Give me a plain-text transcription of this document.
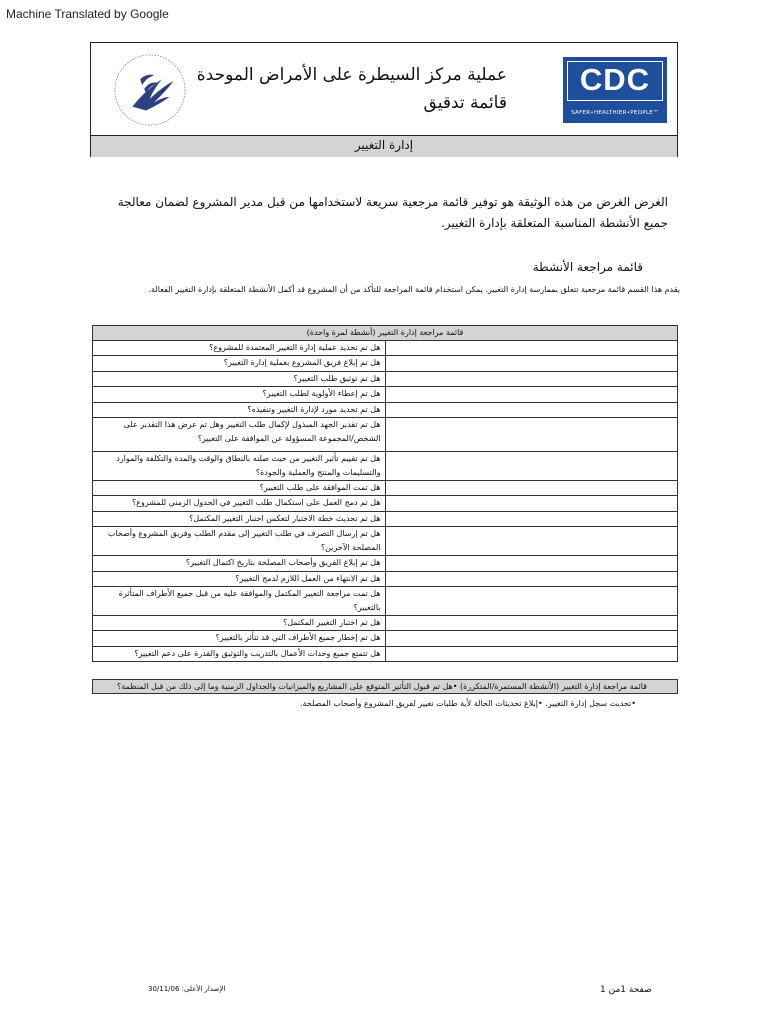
Machine Translated by Google
عملية مركز السيطرة على الأمراض الموحدة
قائمة تدقيق
CDC
SAFER•HEALTHIER•PEOPLE™
إدارة التغيير
الغرض الغرض من هذه الوثيقة هو توفير قائمة مرجعية سريعة لاستخدامها من قبل مدير المشروع لضمان معالجة جميع الأنشطة المناسبة المتعلقة بإدارة التغيير.
قائمة مراجعة الأنشطة
يقدم هذا القسم قائمة مرجعية تتعلق بممارسة إدارة التغيير. يمكن استخدام قائمة المراجعة للتأكد من أن المشروع قد أكمل الأنشطة المتعلقة بإدارة التغيير الفعالة.
قائمة مراجعة إدارة التغيير (أنشطة لمرة واحدة)	
هل تم تحديد عملية إدارة التغيير المعتمدة للمشروع؟	
هل تم إبلاغ فريق المشروع بعملية إدارة التغيير؟	
هل تم توثيق طلب التغيير؟	
هل تم إعطاء الأولوية لطلب التغيير؟	
هل تم تحديد مورد لإدارة التغيير وتنفيذه؟	
هل تم تقدير الجهد المبذول لإكمال طلب التغيير وهل تم عرض هذا التقدير على الشخص/المجموعة المسؤولة عن الموافقة على التغيير؟	
هل تم تقييم تأثير التغيير من حيث صلته بالنطاق والوقت والمدة والتكلفة والموارد والتسليمات والمنتج والعملية والجودة؟	
هل تمت الموافقة على طلب التغيير؟	
هل تم دمج العمل على استكمال طلب التغيير في الجدول الزمني للمشروع؟	
هل تم تحديث خطة الاختبار لتعكس اختبار التغيير المكتمل؟	
هل تم إرسال التصرف في طلب التغيير إلى مقدم الطلب وفريق المشروع وأصحاب المصلحة الآخرين؟	
هل تم إبلاغ الفريق وأصحاب المصلحة بتاريخ اكتمال التغيير؟	
هل تم الانتهاء من العمل اللازم لدمج التغيير؟	
هل تمت مراجعة التغيير المكتمل والموافقة عليه من قبل جميع الأطراف المتأثرة بالتغيير؟	
هل تم اختبار التغيير المكتمل؟	
هل تم إخطار جميع الأطراف التي قد تتأثر بالتغيير؟	
هل تتمتع جميع وحدات الأعمال بالتدريب والتوثيق والقدرة على دعم التغيير؟	
قائمة مراجعة إدارة التغيير (الأنشطة المستمرة/المتكررة) •هل تم قبول التأثير المتوقع على المشاريع والميزانيات والجداول الزمنية وما إلى ذلك من قبل المنظمة؟
•تحديث سجل إدارة التغيير. •إبلاغ تحديثات الحالة لأية طلبات تغيير لفريق المشروع وأصحاب المصلحة.
الإصدار الأعلى: 30/11/06	صفحة 1من 1
